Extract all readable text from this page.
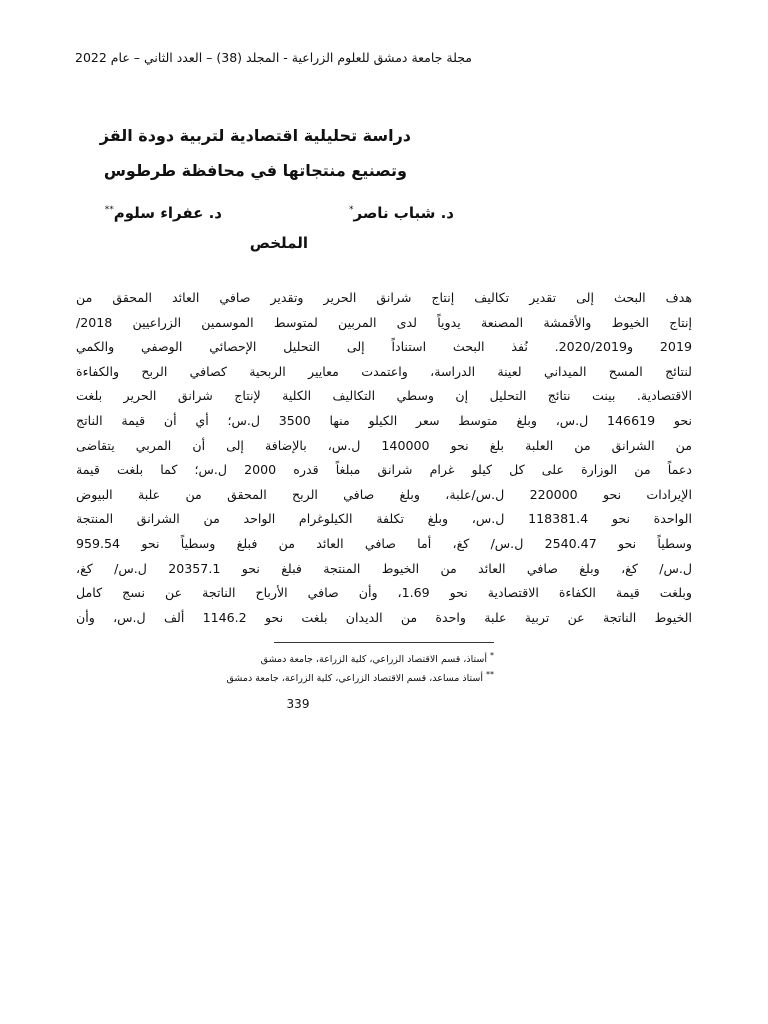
مجلة جامعة دمشق للعلوم الزراعية - المجلد (38) – العدد الثاني – عام 2022
دراسة تحليلية اقتصادية لتربية دودة القز
وتصنيع منتجاتها في محافظة طرطوس
د. شباب ناصر*
د. عفراء سلوم**
الملخص
هدف البحث إلى تقدير تكاليف إنتاج شرانق الحرير وتقدير صافي العائد المحقق من
إنتاج الخيوط والأقمشة المصنعة يدوياً لدى المربين لمتوسط الموسمين الزراعيين 2018/
2019 و2020/2019. نُفذ البحث استناداً إلى التحليل الإحصائي الوصفي والكمي
لنتائج المسح الميداني لعينة الدراسة، واعتمدت معايير الربحية كصافي الربح والكفاءة
الاقتصادية. بينت نتائج التحليل إن وسطي التكاليف الكلية لإنتاج شرانق الحرير بلغت
نحو 146619 ل.س، وبلغ متوسط سعر الكيلو منها 3500 ل.س؛ أي أن قيمة الناتج
من الشرانق من العلبة بلغ نحو 140000 ل.س، بالإضافة إلى أن المربي يتقاضى
دعماً من الوزارة على كل كيلو غرام شرانق مبلغاً قدره 2000 ل.س؛ كما بلغت قيمة
الإيرادات نحو 220000 ل.س/علبة، وبلغ صافي الربح المحقق من علبة البيوض
الواحدة نحو 118381.4 ل.س، وبلغ تكلفة الكيلوغرام الواحد من الشرانق المنتجة
وسطياً نحو 2540.47 ل.س/ كغ، أما صافي العائد من فبلغ وسطياً نحو 959.54
ل.س/ كغ، وبلغ صافي العائد من الخيوط المنتجة فبلغ نحو 20357.1 ل.س/ كغ،
وبلغت قيمة الكفاءة الاقتصادية نحو 1.69، وأن صافي الأرباح الناتجة عن نسج كامل
الخيوط الناتجة عن تربية علبة واحدة من الديدان بلغت نحو 1146.2 ألف ل.س، وأن
* أستاذ، قسم الاقتصاد الزراعي، كلية الزراعة، جامعة دمشق
** أستاذ مساعد، قسم الاقتصاد الزراعي، كلية الزراعة، جامعة دمشق
339
